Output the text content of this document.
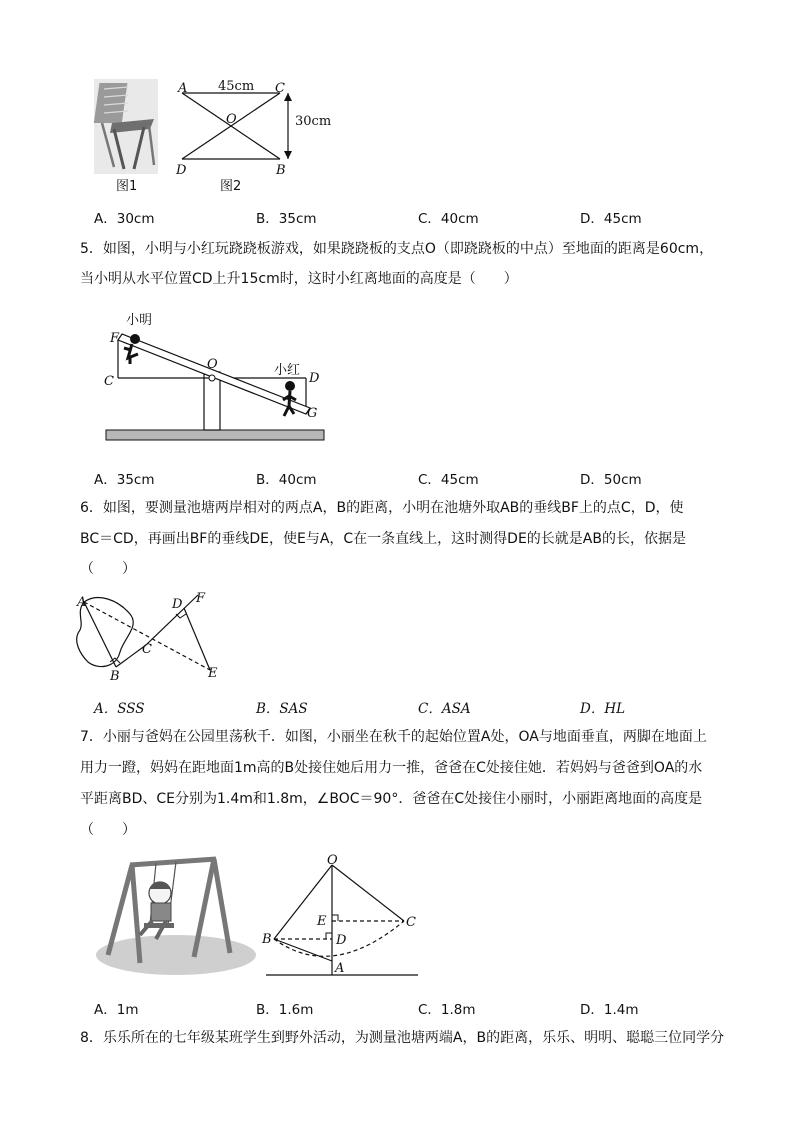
图1
A 45cm C
O	30cm
D	B
图2
A．30cm	B．35cm	C．40cm	D．45cm
5．如图，小明与小红玩跷跷板游戏，如果跷跷板的支点O（即跷跷板的中点）至地面的距离是60cm，
当小明从水平位置CD上升15cm时，这时小红离地面的高度是（　　）
小明
F
O	小红
C	D
G
A．35cm	B．40cm	C．45cm	D．50cm
6．如图，要测量池塘两岸相对的两点A，B的距离，小明在池塘外取AB的垂线BF上的点C，D，使
BC＝CD，再画出BF的垂线DE，使E与A，C在一条直线上，这时测得DE的长就是AB的长，依据是
（　　）
A	D F
C
B	E
A．SSS	B．SAS	C．ASA	D．HL
7．小丽与爸妈在公园里荡秋千．如图，小丽坐在秋千的起始位置A处，OA与地面垂直，两脚在地面上
用力一蹬，妈妈在距地面1m高的B处接住她后用力一推，爸爸在C处接住她．若妈妈与爸爸到OA的水
平距离BD、CE分别为1.4m和1.8m，∠BOC＝90°．爸爸在C处接住小丽时，小丽距离地面的高度是
（　　）
O
E	C
B	D
A
A．1m	B．1.6m	C．1.8m	D．1.4m
8．乐乐所在的七年级某班学生到野外活动，为测量池塘两端A，B的距离，乐乐、明明、聪聪三位同学分
